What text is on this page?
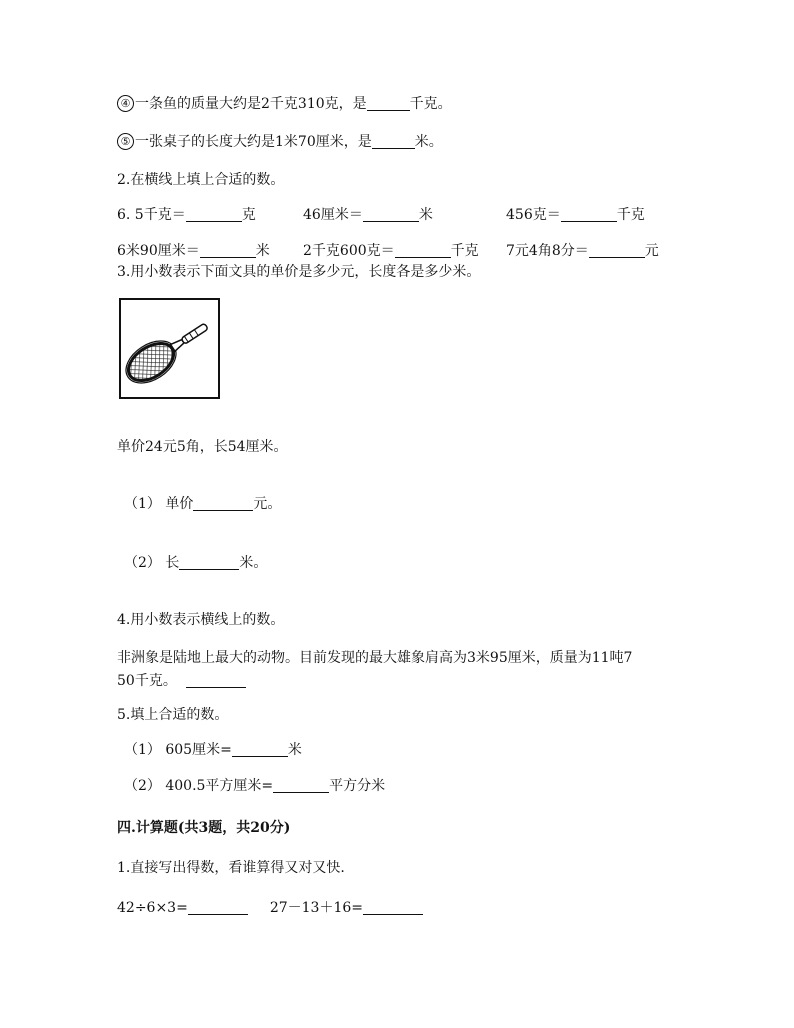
④ 一条鱼的质量大约是2千克310克，是	千克。
⑤ 一张桌子的长度大约是1米70厘米，是	米。
2.在横线上填上合适的数。
6. 5千克＝	克	46厘米＝	米	456克＝	千克
6米90厘米＝	米 2千克600克＝	千克 7元4角8分＝	元
3.用小数表示下面文具的单价是多少元，长度各是多少米。
单价24元5角，长54厘米。
（1） 单价	元。
（2） 长	米。
4.用小数表示横线上的数。
非洲象是陆地上最大的动物。目前发现的最大雄象肩高为3米95厘米，质量为11吨7
50千克。
5.填上合适的数。
（1） 605厘米=	米
（2） 400.5平方厘米=	平方分米
四.计算题(共3题，共20分)
1.直接写出得数，看谁算得又对又快.
42÷6×3=	27－13＋16=
